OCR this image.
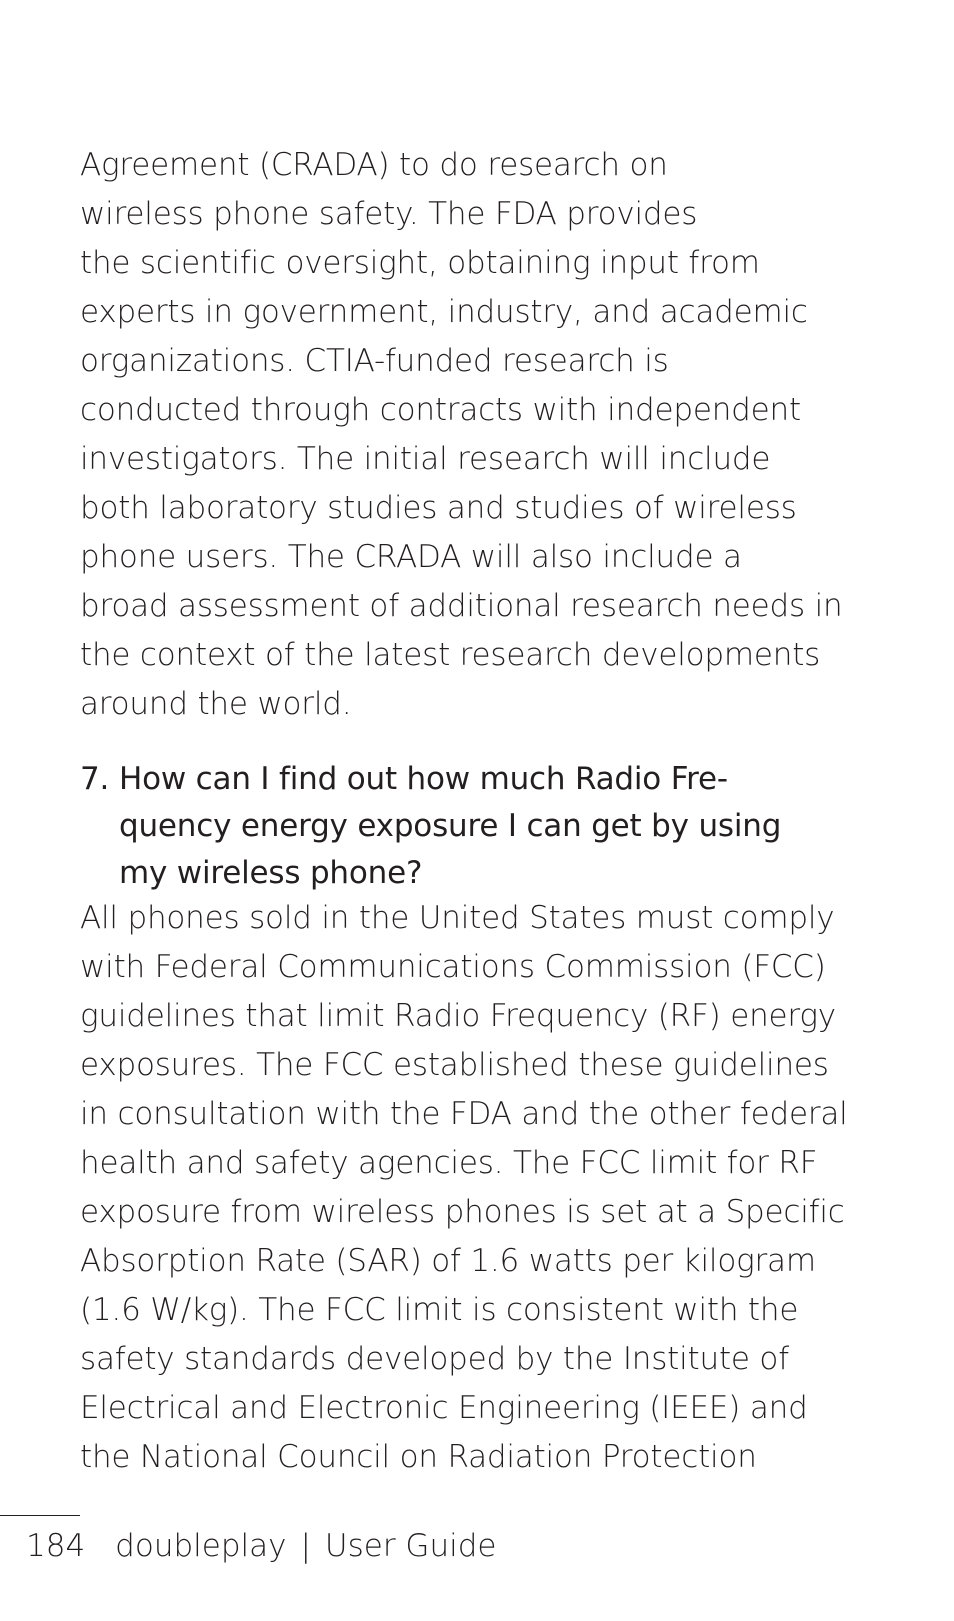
Agreement (CRADA) to do research on
wireless phone safety. The FDA provides
the scientific oversight, obtaining input from
experts in government, industry, and academic
organizations. CTIA-funded research is
conducted through contracts with independent
investigators. The initial research will include
both laboratory studies and studies of wireless
phone users. The CRADA will also include a
broad assessment of additional research needs in
the context of the latest research developments
around the world.
7. How can I find out how much Radio Fre-
quency energy exposure I can get by using
my wireless phone?
All phones sold in the United States must comply
with Federal Communications Commission (FCC)
guidelines that limit Radio Frequency (RF) energy
exposures. The FCC established these guidelines
in consultation with the FDA and the other federal
health and safety agencies. The FCC limit for RF
exposure from wireless phones is set at a Specific
Absorption Rate (SAR) of 1.6 watts per kilogram
(1.6 W/kg). The FCC limit is consistent with the
safety standards developed by the Institute of
Electrical and Electronic Engineering (IEEE) and
the National Council on Radiation Protection
184 doubleplay | User Guide
